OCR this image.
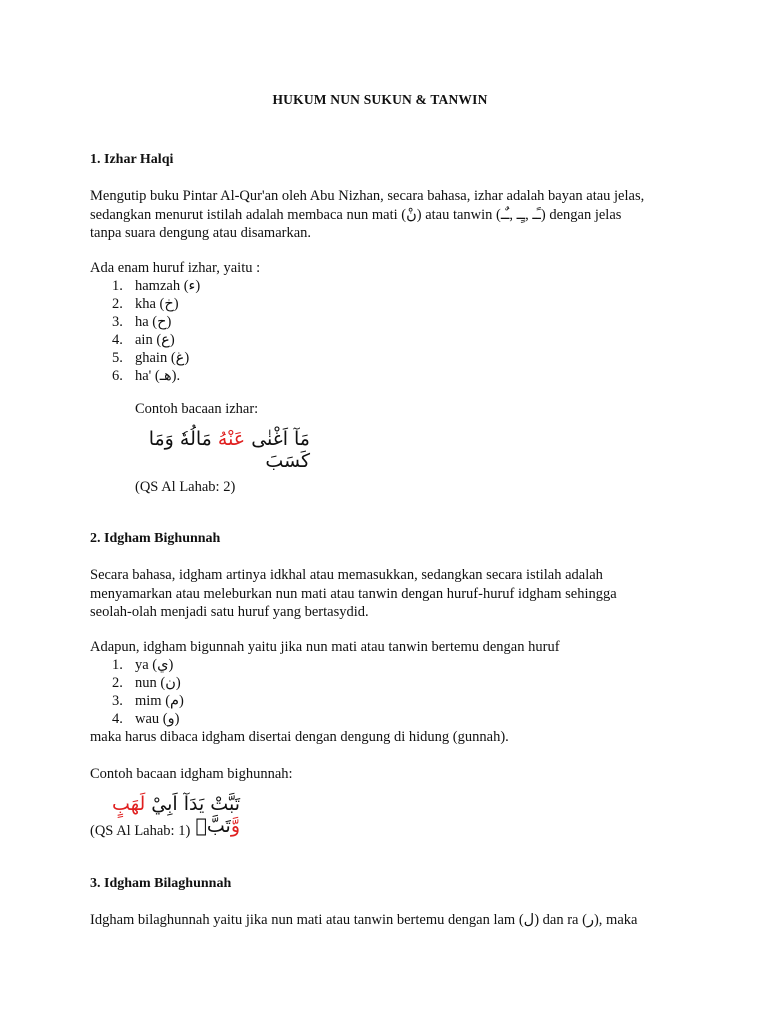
HUKUM NUN SUKUN & TANWIN
1. Izhar Halqi
Mengutip buku Pintar Al-Qur'an oleh Abu Nizhan, secara bahasa, izhar adalah bayan atau jelas,
sedangkan menurut istilah adalah membaca nun mati (نْ) atau tanwin (ـًـ ,ـٍـ ,ـٌـ) dengan jelas
tanpa suara dengung atau disamarkan.
Ada enam huruf izhar, yaitu :
1. hamzah (ء)
2. kha (خ)
3. ha (ح)
4. ain (ع)
5. ghain (غ)
6. ha' (هـ).
Contoh bacaan izhar:
مَآ اَغْنٰى عَنْهُ مَالُهٗ وَمَا كَسَبَ
(QS Al Lahab: 2)
2. Idgham Bighunnah
Secara bahasa, idgham artinya idkhal atau memasukkan, sedangkan secara istilah adalah
menyamarkan atau meleburkan nun mati atau tanwin dengan huruf-huruf idgham sehingga
seolah-olah menjadi satu huruf yang bertasydid.
Adapun, idgham bigunnah yaitu jika nun mati atau tanwin bertemu dengan huruf
1. ya (ي)
2. nun (ن)
3. mim (م)
4. wau (و)
maka harus dibaca idgham disertai dengan dengung di hidung (gunnah).
Contoh bacaan idgham bighunnah:
تَبَّتْ يَدَآ اَبِيْ لَهَبٍ وَّتَبَّۗ
(QS Al Lahab: 1)
3. Idgham Bilaghunnah
Idgham bilaghunnah yaitu jika nun mati atau tanwin bertemu dengan lam (ل) dan ra (ر), maka
